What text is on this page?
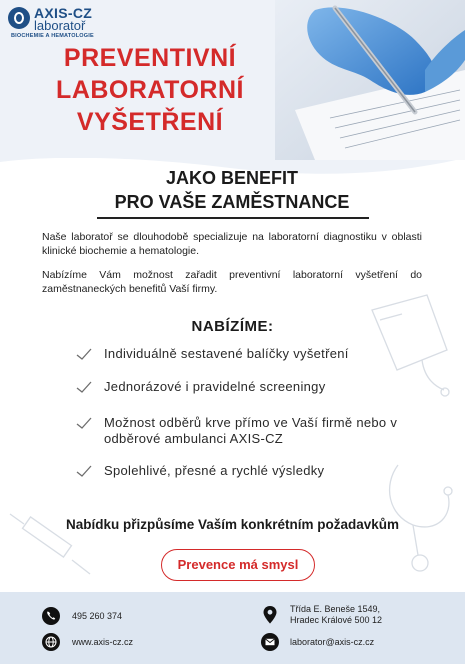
AXIS-CZ
laboratoř
BIOCHEMIE A HEMATOLOGIE
PREVENTIVNÍ
LABORATORNÍ
VYŠETŘENÍ
JAKO BENEFIT
PRO VAŠE ZAMĚSTNANCE
Naše laboratoř se dlouhodobě specializuje na laboratorní diagnostiku v oblasti klinické biochemie a hematologie.
Nabízíme Vám možnost zařadit preventivní laboratorní vyšetření do zaměstnaneckých benefitů Vaší firmy.
NABÍZÍME:
Individuálně sestavené balíčky vyšetření
Jednorázové i pravidelné screeningy
Možnost odběrů krve přímo ve Vaší firmě nebo v odběrové ambulanci AXIS-CZ
Spolehlivé, přesné a rychlé výsledky
Nabídku přizpůsíme Vaším konkrétním požadavkům
Prevence má smysl
495 260 374
www.axis-cz.cz
Třída E. Beneše 1549,
Hradec Králové 500 12
laborator@axis-cz.cz
